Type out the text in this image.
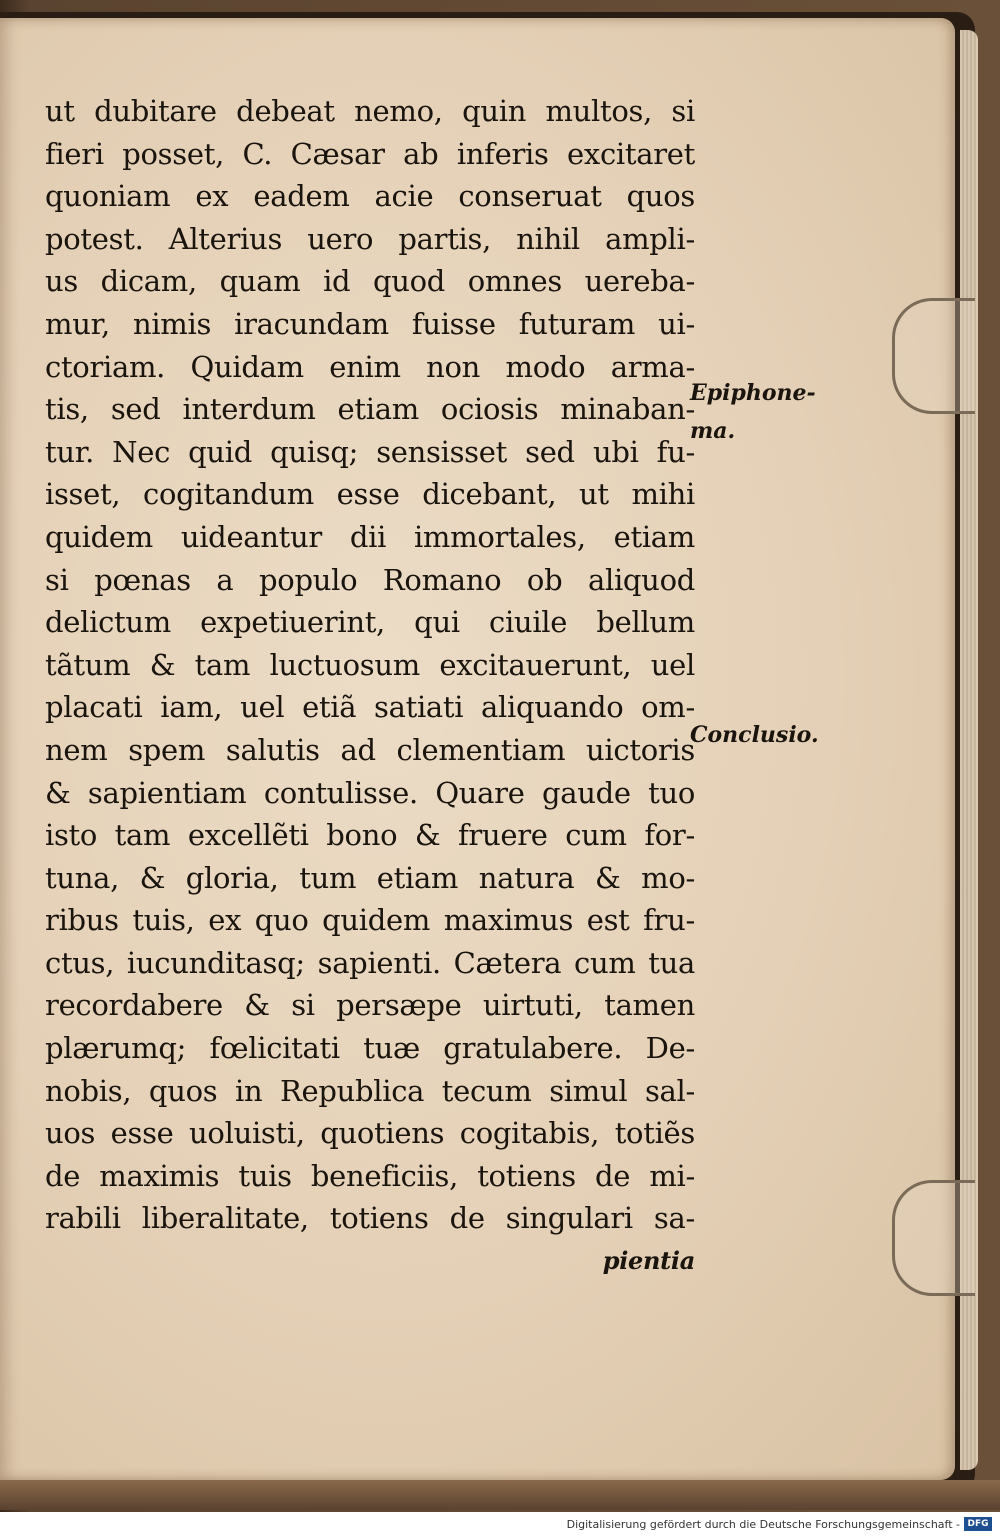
ut dubitare debeat nemo, quin multos, si
fieri posset, C. Cæsar ab inferis excitaret
quoniam ex eadem acie conseruat quos
potest. Alterius uero partis, nihil ampli-
us dicam, quam id quod omnes uereba-
mur, nimis iracundam fuisse futuram ui-
ctoriam. Quidam enim non modo arma-
tis, sed interdum etiam ociosis minaban-
tur. Nec quid quisq; sensisset sed ubi fu-
isset, cogitandum esse dicebant, ut mihi
quidem uideantur dii immortales, etiam
si pœnas a populo Romano ob aliquod
delictum expetiuerint, qui ciuile bellum
tãtum & tam luctuosum excitauerunt, uel
placati iam, uel etiã satiati aliquando om-
nem spem salutis ad clementiam uictoris
& sapientiam contulisse. Quare gaude tuo
isto tam excellẽti bono & fruere cum for-
tuna, & gloria, tum etiam natura & mo-
ribus tuis, ex quo quidem maximus est fru-
ctus, iucunditasq; sapienti. Cætera cum tua
recordabere & si persæpe uirtuti, tamen
plærumq; fœlicitati tuæ gratulabere. De-
nobis, quos in Republica tecum simul sal-
uos esse uoluisti, quotiens cogitabis, totiẽs
de maximis tuis beneficiis, totiens de mi-
rabili liberalitate, totiens de singulari sa-
pientia
Epiphone-
ma.
Conclusio.
Digitalisierung gefördert durch die Deutsche Forschungsgemeinschaft - DFG
